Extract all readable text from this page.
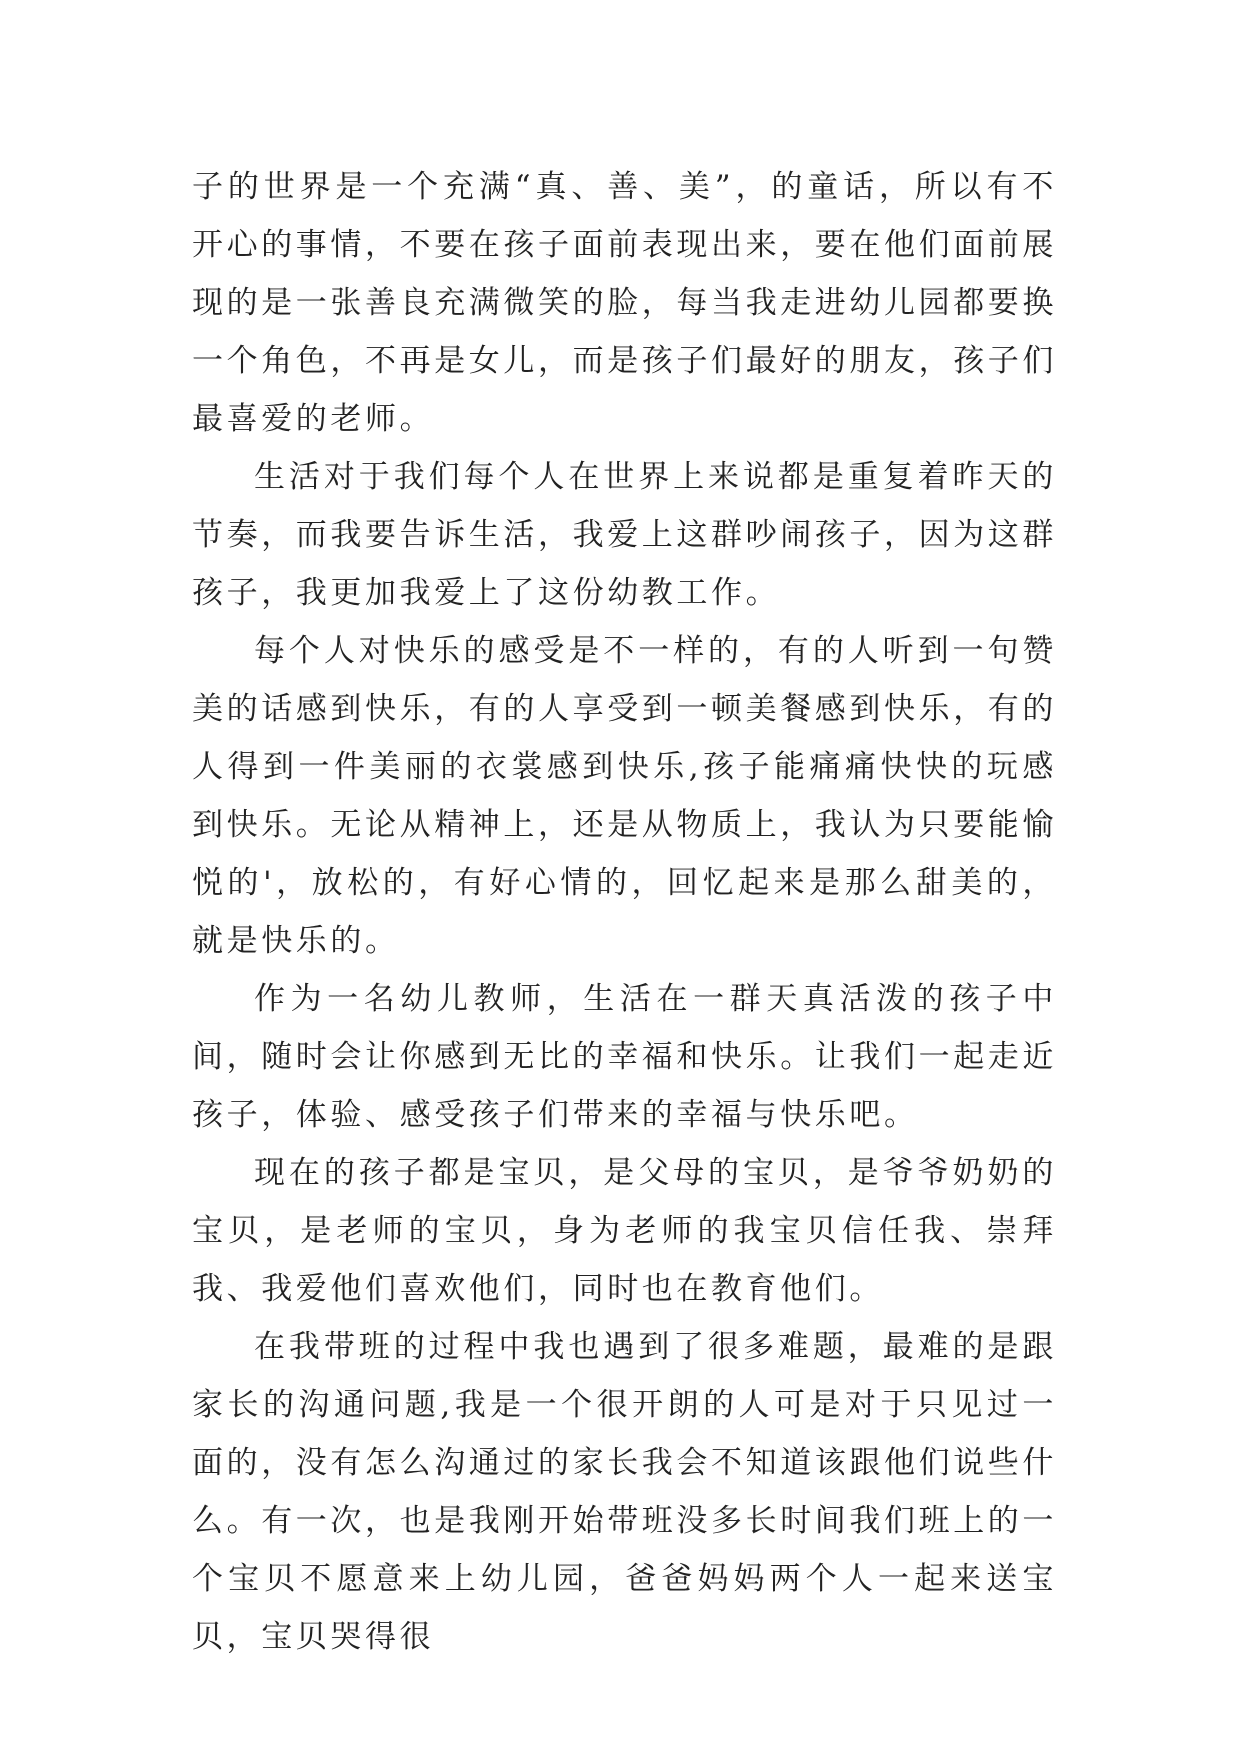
子的世界是一个充满“真、善、美”，的童话，所以有不开心的事情，不要在孩子面前表现出来，要在他们面前展现的是一张善良充满微笑的脸，每当我走进幼儿园都要换一个角色，不再是女儿，而是孩子们最好的朋友，孩子们最喜爱的老师。

生活对于我们每个人在世界上来说都是重复着昨天的节奏，而我要告诉生活，我爱上这群吵闹孩子，因为这群孩子，我更加我爱上了这份幼教工作。

每个人对快乐的感受是不一样的，有的人听到一句赞美的话感到快乐，有的人享受到一顿美餐感到快乐，有的人得到一件美丽的衣裳感到快乐,孩子能痛痛快快的玩感到快乐。无论从精神上，还是从物质上，我认为只要能愉悦的'，放松的，有好心情的，回忆起来是那么甜美的，就是快乐的。

作为一名幼儿教师，生活在一群天真活泼的孩子中间，随时会让你感到无比的幸福和快乐。让我们一起走近孩子，体验、感受孩子们带来的幸福与快乐吧。

现在的孩子都是宝贝，是父母的宝贝，是爷爷奶奶的宝贝，是老师的宝贝，身为老师的我宝贝信任我、崇拜我、我爱他们喜欢他们，同时也在教育他们。

在我带班的过程中我也遇到了很多难题，最难的是跟家长的沟通问题,我是一个很开朗的人可是对于只见过一面的，没有怎么沟通过的家长我会不知道该跟他们说些什么。有一次，也是我刚开始带班没多长时间我们班上的一个宝贝不愿意来上幼儿园，爸爸妈妈两个人一起来送宝贝，宝贝哭得很
